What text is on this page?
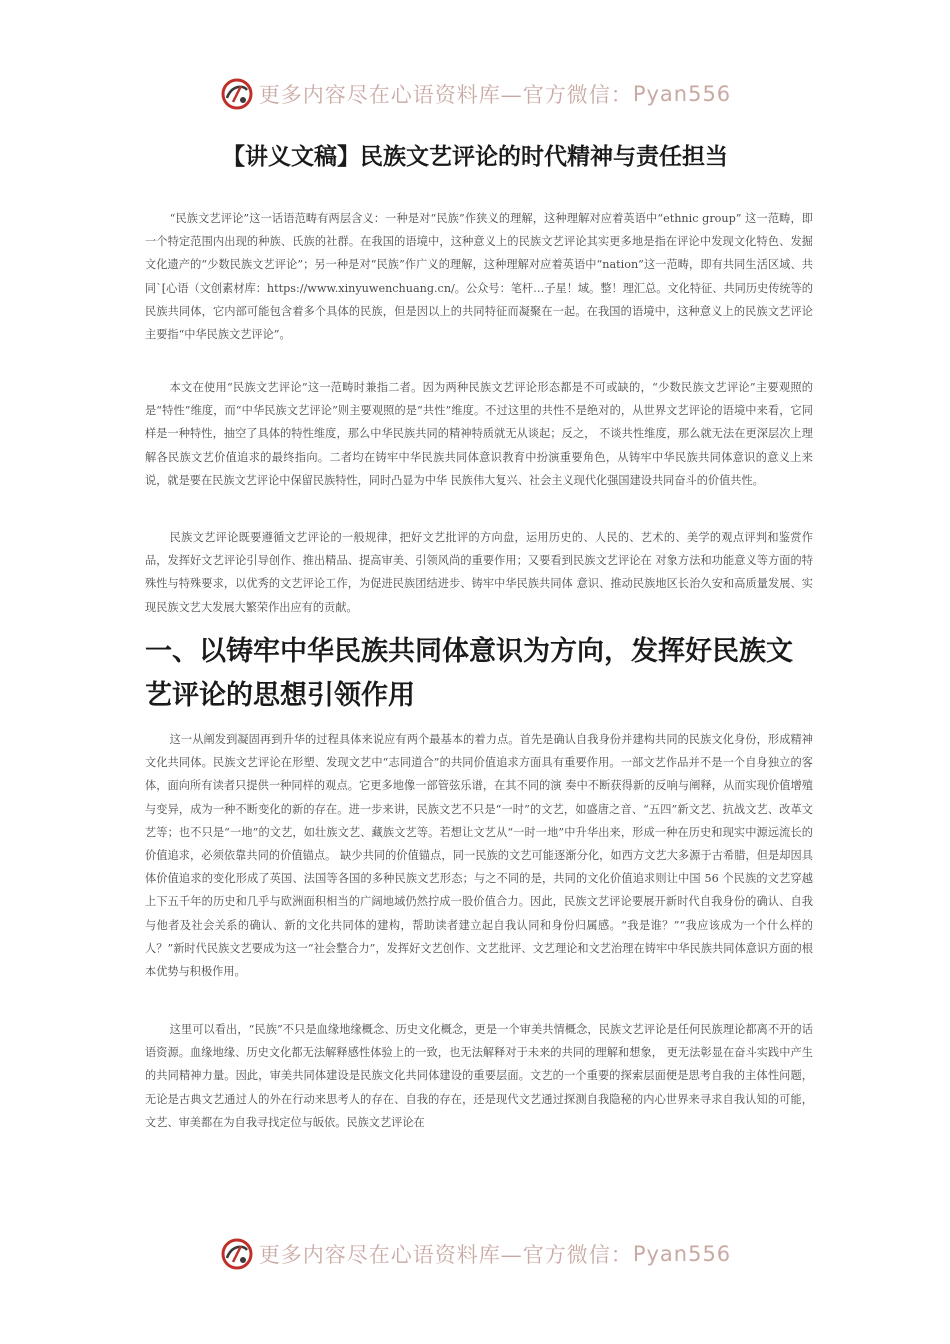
更多内容尽在心语资料库—官方微信： Pyan556
【讲义文稿】民族文艺评论的时代精神与责任担当

“民族文艺评论”这一话语范畴有两层含义：一种是对“民族”作狭义的理解，这种理解对应着英语中“ethnic group” 这一范畴，即一个特定范围内出现的种族、氏族的社群。在我国的语境中，这种意义上的民族文艺评论其实更多地是指在评论中发现文化特色、发掘文化遗产的“少数民族文艺评论”；另一种是对“民族”作广义的理解，这种理解对应着英语中“nation”这一范畴，即有共同生活区域、共同`[心语（文创素材库：https://www.xinyuwenchuang.cn/。公众号：笔杆…子星！域。整！理汇总。文化特征、共同历史传统等的民族共同体，它内部可能包含着多个具体的民族，但是因以上的共同特征而凝聚在一起。在我国的语境中，这种意义上的民族文艺评论主要指“中华民族文艺评论”。

本文在使用“民族文艺评论”这一范畴时兼指二者。因为两种民族文艺评论形态都是不可或缺的，“少数民族文艺评论”主要观照的是“特性”维度，而“中华民族文艺评论”则主要观照的是“共性”维度。不过这里的共性不是绝对的，从世界文艺评论的语境中来看，它同样是一种特性，抽空了具体的特性维度，那么中华民族共同的精神特质就无从谈起；反之， 不谈共性维度，那么就无法在更深层次上理解各民族文艺价值追求的最终指向。二者均在铸牢中华民族共同体意识教育中扮演重要角色，从铸牢中华民族共同体意识的意义上来说，就是要在民族文艺评论中保留民族特性，同时凸显为中华 民族伟大复兴、社会主义现代化强国建设共同奋斗的价值共性。

民族文艺评论既要遵循文艺评论的一般规律，把好文艺批评的方向盘，运用历史的、人民的、艺术的、美学的观点评判和鉴赏作品，发挥好文艺评论引导创作、推出精品、提高审美、引领风尚的重要作用；又要看到民族文艺评论在 对象方法和功能意义等方面的特殊性与特殊要求，以优秀的文艺评论工作，为促进民族团结进步、铸牢中华民族共同体 意识、推动民族地区长治久安和高质量发展、实现民族文艺大发展大繁荣作出应有的贡献。

一、以铸牢中华民族共同体意识为方向，发挥好民族文艺评论的思想引领作用

这一从阐发到凝固再到升华的过程具体来说应有两个最基本的着力点。首先是确认自我身份并建构共同的民族文化身份，形成精神文化共同体。民族文艺评论在形塑、发现文艺中“志同道合”的共同价值追求方面具有重要作用。一部文艺作品并不是一个自身独立的客体，面向所有读者只提供一种同样的观点。它更多地像一部管弦乐谱，在其不同的演 奏中不断获得新的反响与阐释，从而实现价值增殖与变异，成为一种不断变化的新的存在。进一步来讲，民族文艺不只是“一时”的文艺，如盛唐之音、“五四”新文艺、抗战文艺、改革文艺等；也不只是“一地”的文艺，如壮族文艺、藏族文艺等。若想让文艺从“一时一地”中升华出来，形成一种在历史和现实中源远流长的价值追求，必须依靠共同的价值锚点。 缺少共同的价值锚点，同一民族的文艺可能逐渐分化，如西方文艺大多源于古希腊，但是却因具体价值追求的变化形成了英国、法国等各国的多种民族文艺形态；与之不同的是，共同的文化价值追求则让中国 56 个民族的文艺穿越上下五千年的历史和几乎与欧洲面积相当的广阔地域仍然拧成一股价值合力。因此，民族文艺评论要展开新时代自我身份的确认、自我与他者及社会关系的确认、新的文化共同体的建构，帮助读者建立起自我认同和身份归属感。“我是谁？”“我应该成为一个什么样的人？”新时代民族文艺要成为这一“社会整合力”，发挥好文艺创作、文艺批评、文艺理论和文艺治理在铸牢中华民族共同体意识方面的根本优势与积极作用。

这里可以看出，“民族”不只是血缘地缘概念、历史文化概念，更是一个审美共情概念，民族文艺评论是任何民族理论都离不开的话语资源。血缘地缘、历史文化都无法解释感性体验上的一致，也无法解释对于未来的共同的理解和想象， 更无法彰显在奋斗实践中产生的共同精神力量。因此，审美共同体建设是民族文化共同体建设的重要层面。文艺的一个重要的探索层面便是思考自我的主体性问题，无论是古典文艺通过人的外在行动来思考人的存在、自我的存在，还是现代文艺通过探测自我隐秘的内心世界来寻求自我认知的可能，文艺、审美都在为自我寻找定位与皈依。民族文艺评论在

更多内容尽在心语资料库—官方微信： Pyan556
